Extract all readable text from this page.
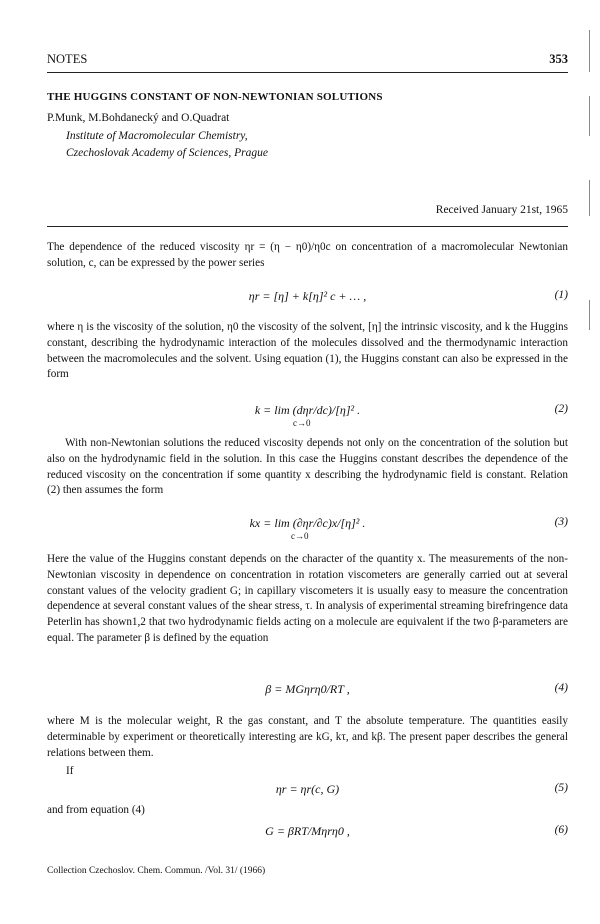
NOTES	353
THE HUGGINS CONSTANT OF NON-NEWTONIAN SOLUTIONS
P.Munk, M.Bohdanecký and O.Quadrat
Institute of Macromolecular Chemistry,
Czechoslovak Academy of Sciences, Prague
Received January 21st, 1965
The dependence of the reduced viscosity ηr = (η − η0)/η0c on concentration of a macromolecular Newtonian solution, c, can be expressed by the power series
ηr = [η] + k[η]² c + … ,	(1)
where η is the viscosity of the solution, η0 the viscosity of the solvent, [η] the intrinsic viscosity, and k the Huggins constant, describing the hydrodynamic interaction of the molecules dissolved and the thermodynamic interaction between the macromolecules and the solvent. Using equation (1), the Huggins constant can also be expressed in the form
k = lim (dηr/dc)/[η]² .
c→0
(2)
With non-Newtonian solutions the reduced viscosity depends not only on the concentration of the solution but also on the hydrodynamic field in the solution. In this case the Huggins constant describes the dependence of the reduced viscosity on the concentration if some quantity x describing the hydrodynamic field is constant. Relation (2) then assumes the form
kx = lim (∂ηr/∂c)x/[η]² .
c→0
(3)
Here the value of the Huggins constant depends on the character of the quantity x. The measurements of the non-Newtonian viscosity in dependence on concentration in rotation viscometers are generally carried out at several constant values of the velocity gradient G; in capillary viscometers it is usually easy to measure the concentration dependence at several constant values of the shear stress, τ. In analysis of experimental streaming birefringence data Peterlin has shown1,2 that two hydrodynamic fields acting on a molecule are equivalent if the two β-parameters are equal. The parameter β is defined by the equation
β = MGηrη0/RT ,	(4)
where M is the molecular weight, R the gas constant, and T the absolute temperature. The quantities easily determinable by experiment or theoretically interesting are kG, kτ, and kβ. The present paper describes the general relations between them.
If
ηr = ηr(c, G)	(5)
and from equation (4)
G = βRT/Mηrη0 ,	(6)
Collection Czechoslov. Chem. Commun. /Vol. 31/ (1966)
